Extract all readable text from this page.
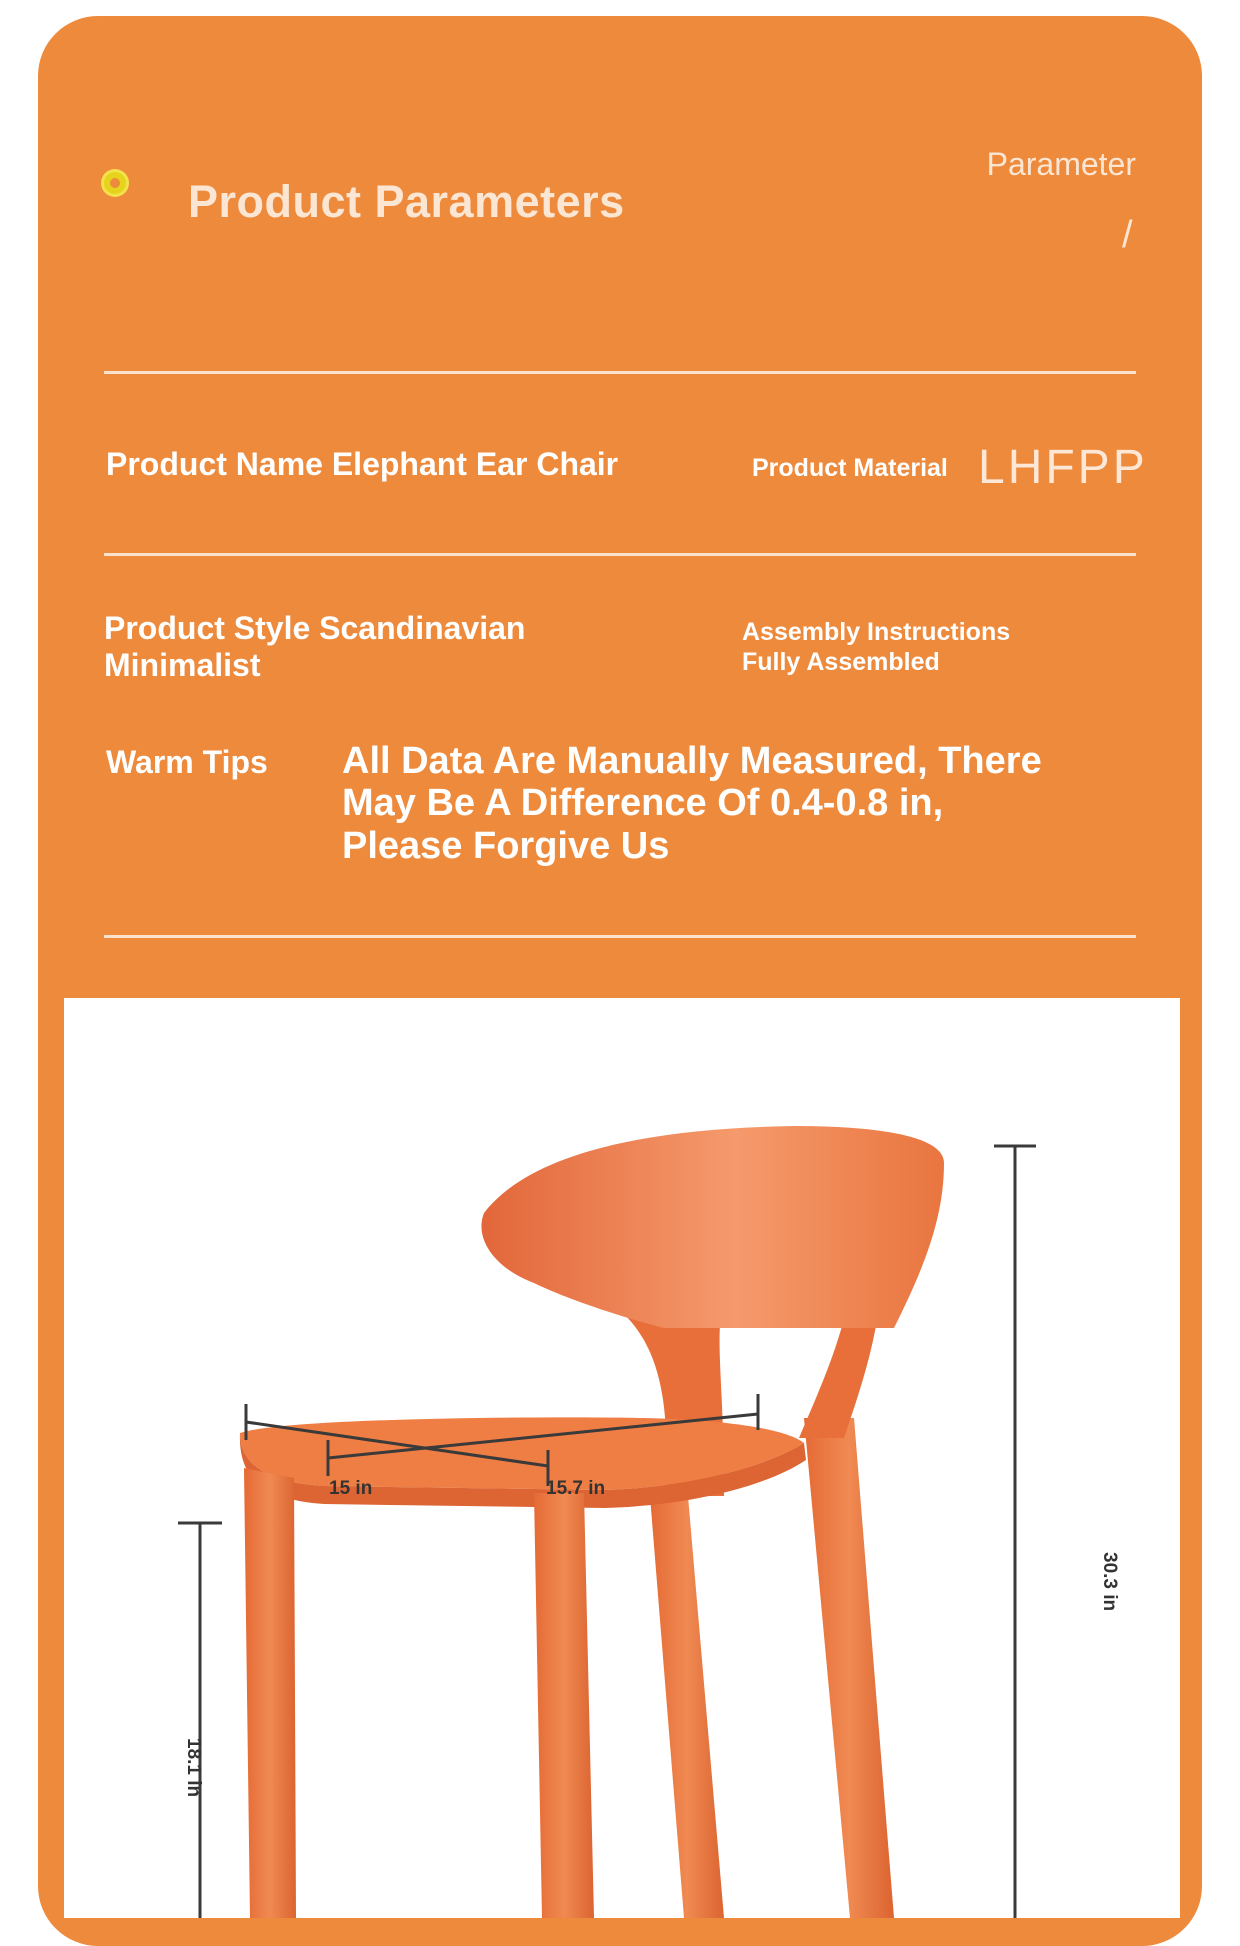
Product Parameters
Parameter
/
Product Name Elephant Ear Chair	Product Material LHFPP
Product Style Scandinavian
Minimalist
Assembly Instructions
Fully Assembled
Warm Tips All Data Are Manually Measured, There
May Be A Difference Of 0.4-0.8 in,
Please Forgive Us
15 in	15.7 in
30.3 in
18.1 in
